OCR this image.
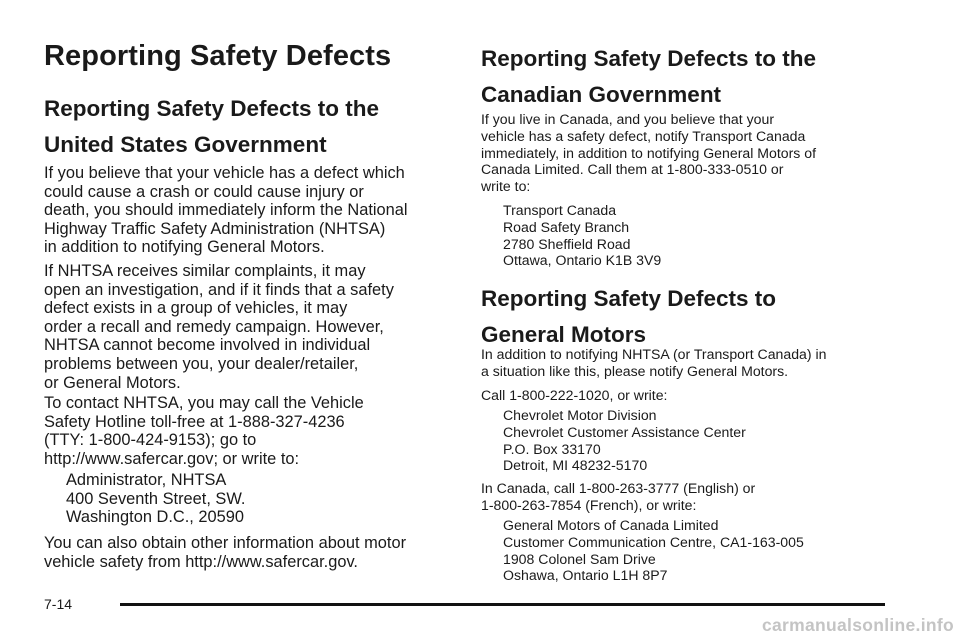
Reporting Safety Defects
Reporting Safety Defects to the
United States Government
If you believe that your vehicle has a defect which
could cause a crash or could cause injury or
death, you should immediately inform the National
Highway Traffic Safety Administration (NHTSA)
in addition to notifying General Motors.
If NHTSA receives similar complaints, it may
open an investigation, and if it finds that a safety
defect exists in a group of vehicles, it may
order a recall and remedy campaign. However,
NHTSA cannot become involved in individual
problems between you, your dealer/retailer,
or General Motors.
To contact NHTSA, you may call the Vehicle
Safety Hotline toll-free at 1-888-327-4236
(TTY: 1-800-424-9153); go to
http://www.safercar.gov; or write to:
Administrator, NHTSA
400 Seventh Street, SW.
Washington D.C., 20590
You can also obtain other information about motor
vehicle safety from http://www.safercar.gov.
Reporting Safety Defects to the
Canadian Government
If you live in Canada, and you believe that your
vehicle has a safety defect, notify Transport Canada
immediately, in addition to notifying General Motors of
Canada Limited. Call them at 1-800-333-0510 or
write to:
Transport Canada
Road Safety Branch
2780 Sheffield Road
Ottawa, Ontario K1B 3V9
Reporting Safety Defects to
General Motors
In addition to notifying NHTSA (or Transport Canada) in
a situation like this, please notify General Motors.
Call 1-800-222-1020, or write:
Chevrolet Motor Division
Chevrolet Customer Assistance Center
P.O. Box 33170
Detroit, MI 48232-5170
In Canada, call 1-800-263-3777 (English) or
1-800-263-7854 (French), or write:
General Motors of Canada Limited
Customer Communication Centre, CA1-163-005
1908 Colonel Sam Drive
Oshawa, Ontario L1H 8P7
7-14
carmanualsonline.info
